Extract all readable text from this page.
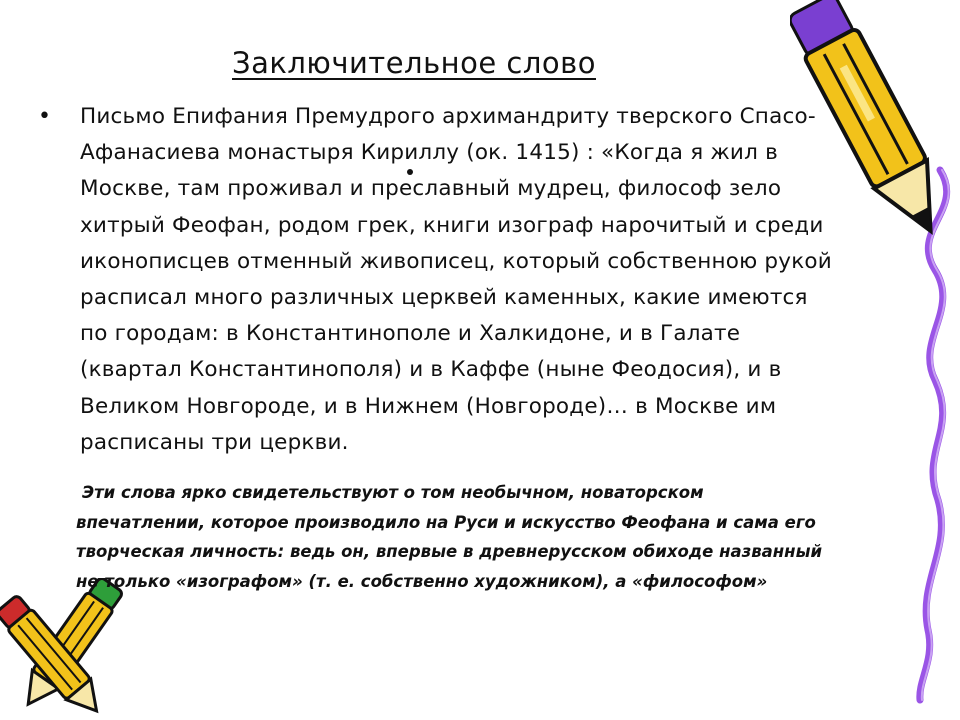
Заключительное слово
• Письмо Епифания Премудрого архимандриту тверского Спасо-Афанасиева монастыря Кириллу (ок. 1415) : «Когда я жил в Москве, там проживал и преславный мудрец, философ зело хитрый Феофан, родом грек, книги изограф нарочитый и среди иконописцев отменный живописец, который собственною рукой расписал много различных церквей каменных, какие имеются по городам: в Константинополе и Халкидоне, и в Галате (квартал Константинополя) и в Каффе (ныне Феодосия), и в Великом Новгороде, и в Нижнем (Новгороде)… в Москве им расписаны три церкви.

Эти слова ярко свидетельствуют о том необычном, новаторском впечатлении, которое производило на Руси и искусство Феофана и сама его творческая личность: ведь он, впервые в древнерусском обиходе названный не только «изографом» (т. е. собственно художником), а «философом»
